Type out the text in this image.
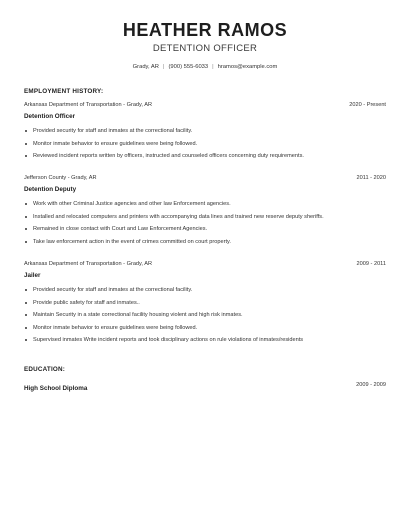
HEATHER RAMOS
DETENTION OFFICER
Grady, AR | (900) 555-6033 | hramos@example.com
EMPLOYMENT HISTORY:
Arkansas Department of Transportation - Grady, AR	2020 - Present
Detention Officer
Provided security for staff and inmates at the correctional facility.
Monitor inmate behavior to ensure guidelines were being followed.
Reviewed incident reports written by officers, instructed and counseled officers concerning duty requirements.
Jefferson County - Grady, AR	2011 - 2020
Detention Deputy
Work with other Criminal Justice agencies and other law Enforcement agencies.
Installed and relocated computers and printers with accompanying data lines and trained new reserve deputy sheriffs.
Remained in close contact with Court and Law Enforcement Agencies.
Take law enforcement action in the event of crimes committed on court property.
Arkansas Department of Transportation - Grady, AR	2009 - 2011
Jailer
Provided security for staff and inmates at the correctional facility.
Provide public safety for staff and inmates..
Maintain Security in a state correctional facility housing violent and high risk inmates.
Monitor inmate behavior to ensure guidelines were being followed.
Supervised inmates Write incident reports and took disciplinary actions on rule violations of inmates/residents
EDUCATION:
High School Diploma	2009 - 2009
